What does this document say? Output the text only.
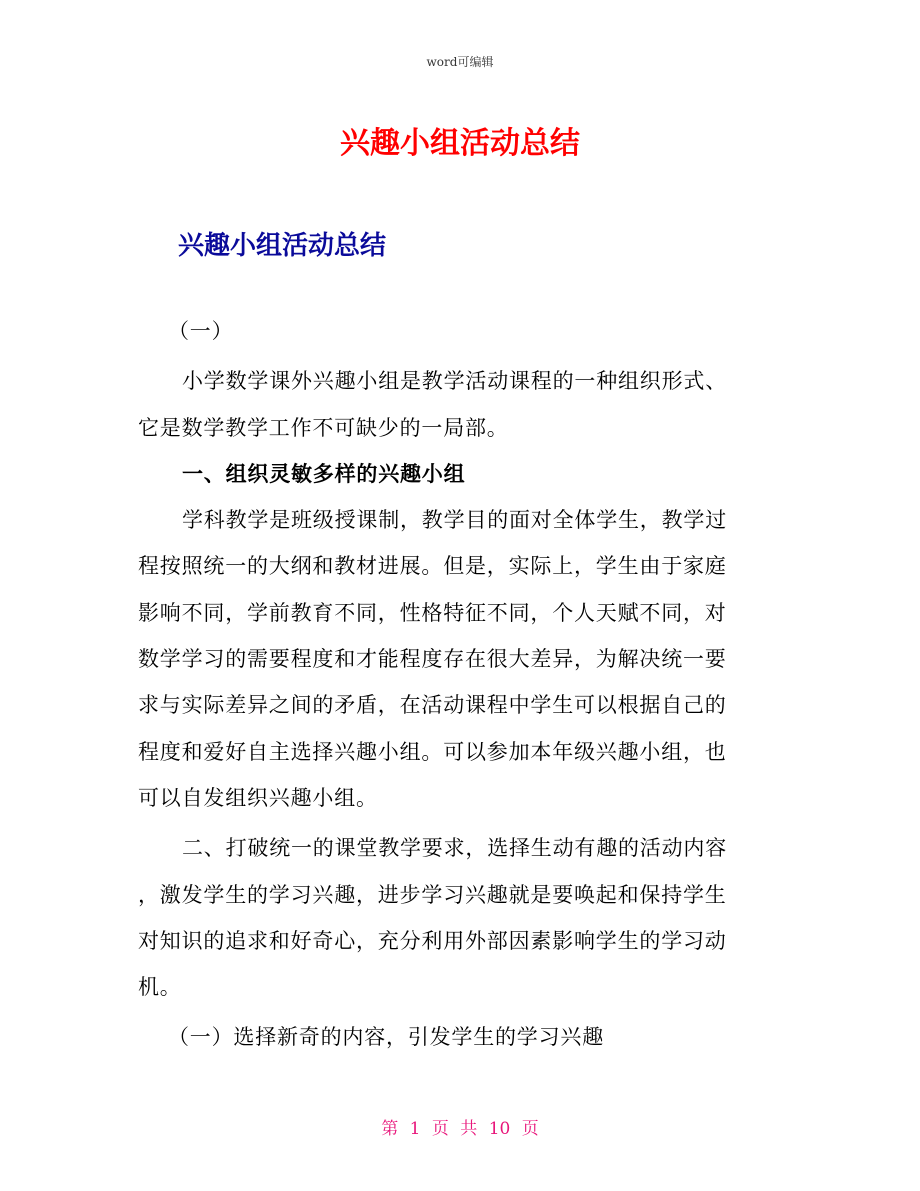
word可编辑
兴趣小组活动总结
兴趣小组活动总结
（一）
小学数学课外兴趣小组是教学活动课程的一种组织形式、
它是数学教学工作不可缺少的一局部。
一、组织灵敏多样的兴趣小组
学科教学是班级授课制，教学目的面对全体学生，教学过
程按照统一的大纲和教材进展。但是，实际上，学生由于家庭
影响不同，学前教育不同，性格特征不同，个人天赋不同，对
数学学习的需要程度和才能程度存在很大差异，为解决统一要
求与实际差异之间的矛盾，在活动课程中学生可以根据自己的
程度和爱好自主选择兴趣小组。可以参加本年级兴趣小组，也
可以自发组织兴趣小组。
二、打破统一的课堂教学要求，选择生动有趣的活动内容
，激发学生的学习兴趣，进步学习兴趣就是要唤起和保持学生
对知识的追求和好奇心，充分利用外部因素影响学生的学习动
机。
（一）选择新奇的内容，引发学生的学习兴趣
第 1 页 共 10 页
